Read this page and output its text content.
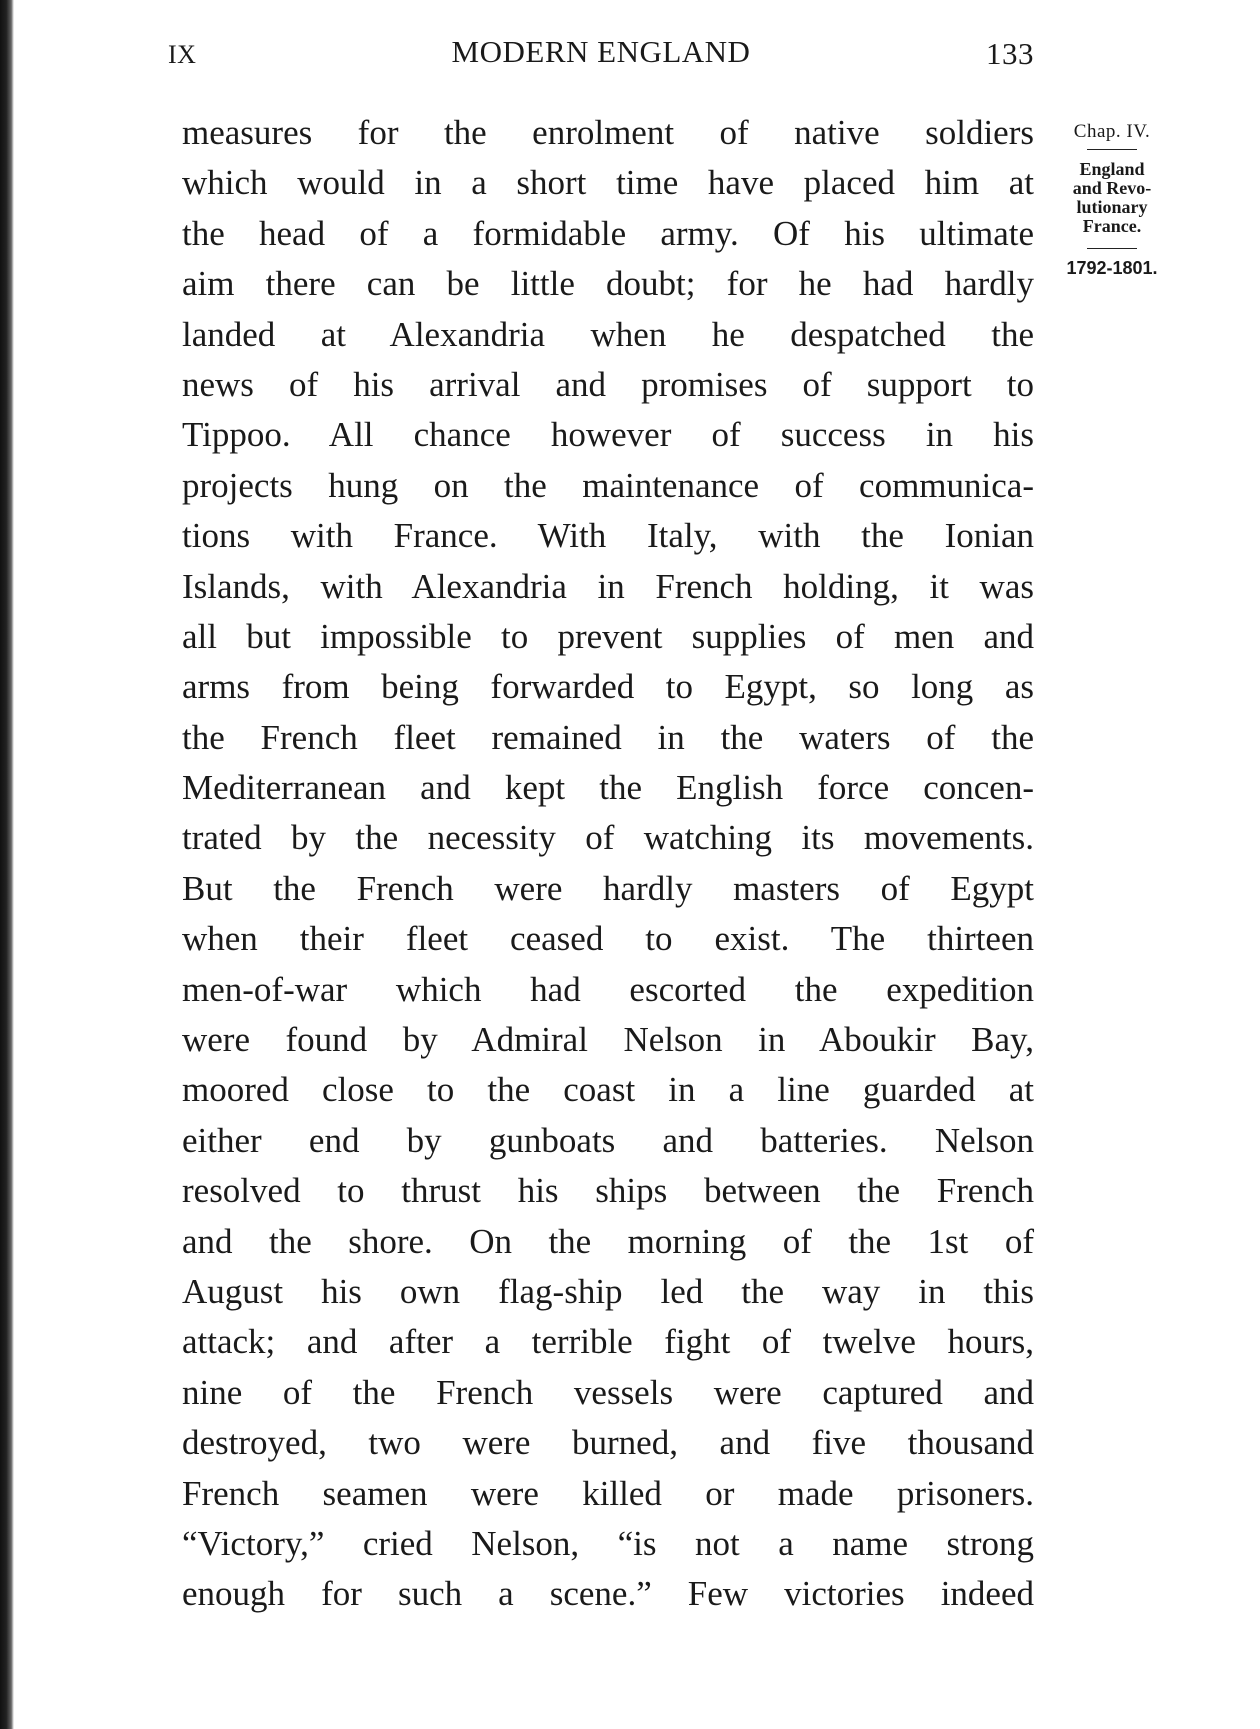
IX	MODERN ENGLAND	133
measures for the enrolment of native soldiers
which would in a short time have placed him at
the head of a formidable army. Of his ultimate
aim there can be little doubt; for he had hardly
landed at Alexandria when he despatched the
news of his arrival and promises of support to
Tippoo. All chance however of success in his
projects hung on the maintenance of communica-
tions with France. With Italy, with the Ionian
Islands, with Alexandria in French holding, it was
all but impossible to prevent supplies of men and
arms from being forwarded to Egypt, so long as
the French fleet remained in the waters of the
Mediterranean and kept the English force concen-
trated by the necessity of watching its movements.
But the French were hardly masters of Egypt
when their fleet ceased to exist. The thirteen
men-of-war which had escorted the expedition
were found by Admiral Nelson in Aboukir Bay,
moored close to the coast in a line guarded at
either end by gunboats and batteries. Nelson
resolved to thrust his ships between the French
and the shore. On the morning of the 1st of
August his own flag-ship led the way in this
attack; and after a terrible fight of twelve hours,
nine of the French vessels were captured and
destroyed, two were burned, and five thousand
French seamen were killed or made prisoners.
“Victory,” cried Nelson, “is not a name strong
enough for such a scene.” Few victories indeed
Chap. IV.
England
and Revo-
lutionary
France.
1792-1801.
